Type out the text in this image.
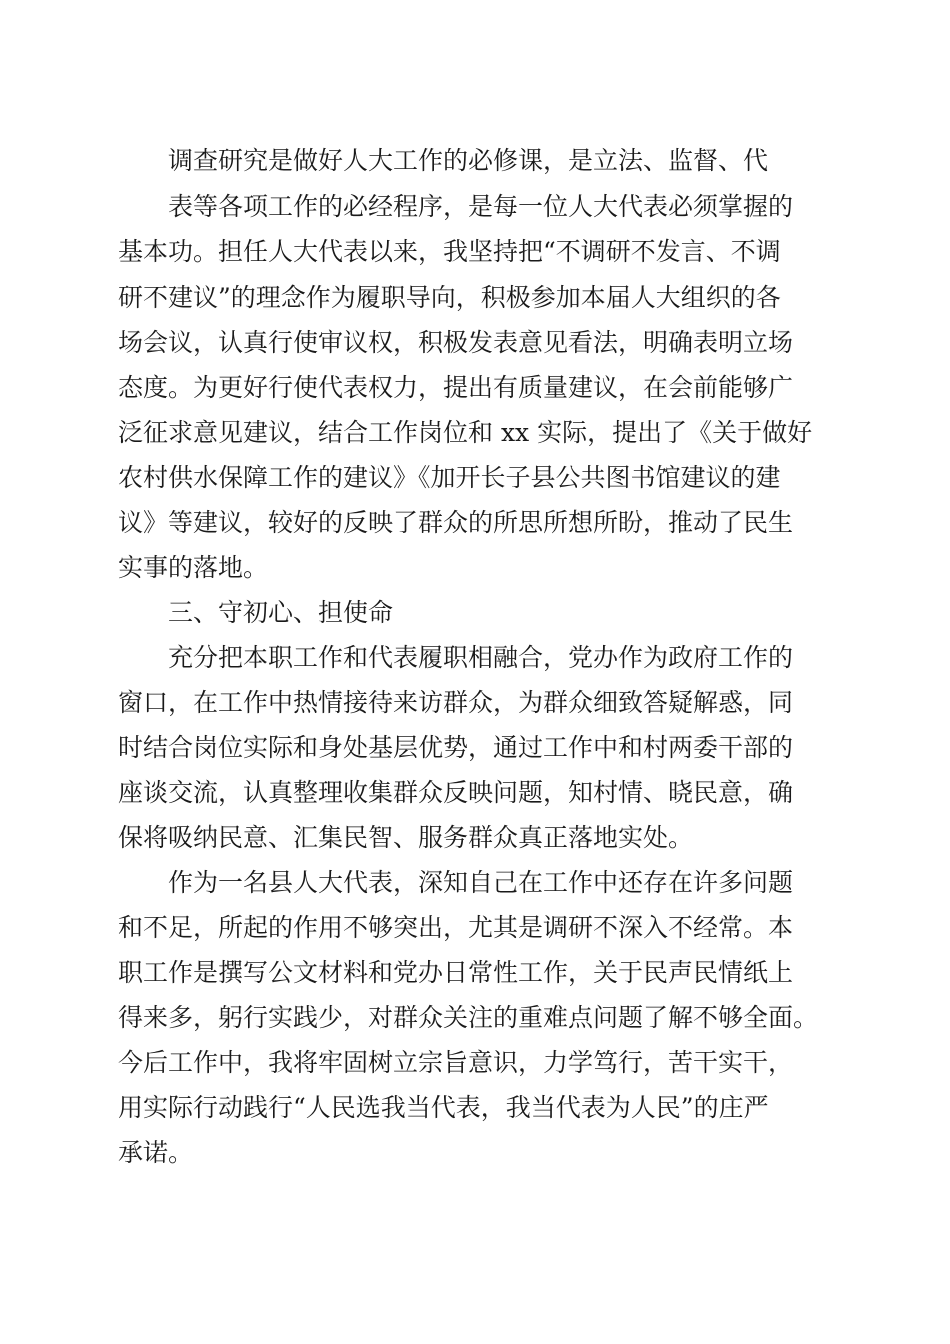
调查研究是做好人大工作的必修课，是立法、监督、代
表等各项工作的必经程序，是每一位人大代表必须掌握的
基本功。担任人大代表以来，我坚持把“不调研不发言、不调
研不建议”的理念作为履职导向，积极参加本届人大组织的各
场会议，认真行使审议权，积极发表意见看法，明确表明立场
态度。为更好行使代表权力，提出有质量建议，在会前能够广
泛征求意见建议，结合工作岗位和 xx 实际，提出了《关于做好
农村供水保障工作的建议》《加开长子县公共图书馆建议的建
议》等建议，较好的反映了群众的所思所想所盼，推动了民生
实事的落地。
三、守初心、担使命
充分把本职工作和代表履职相融合，党办作为政府工作的
窗口，在工作中热情接待来访群众，为群众细致答疑解惑，同
时结合岗位实际和身处基层优势，通过工作中和村两委干部的
座谈交流，认真整理收集群众反映问题，知村情、晓民意，确
保将吸纳民意、汇集民智、服务群众真正落地实处。
作为一名县人大代表，深知自己在工作中还存在许多问题
和不足，所起的作用不够突出，尤其是调研不深入不经常。本
职工作是撰写公文材料和党办日常性工作，关于民声民情纸上
得来多，躬行实践少，对群众关注的重难点问题了解不够全面。
今后工作中，我将牢固树立宗旨意识，力学笃行，苦干实干，
用实际行动践行“人民选我当代表，我当代表为人民”的庄严
承诺。
